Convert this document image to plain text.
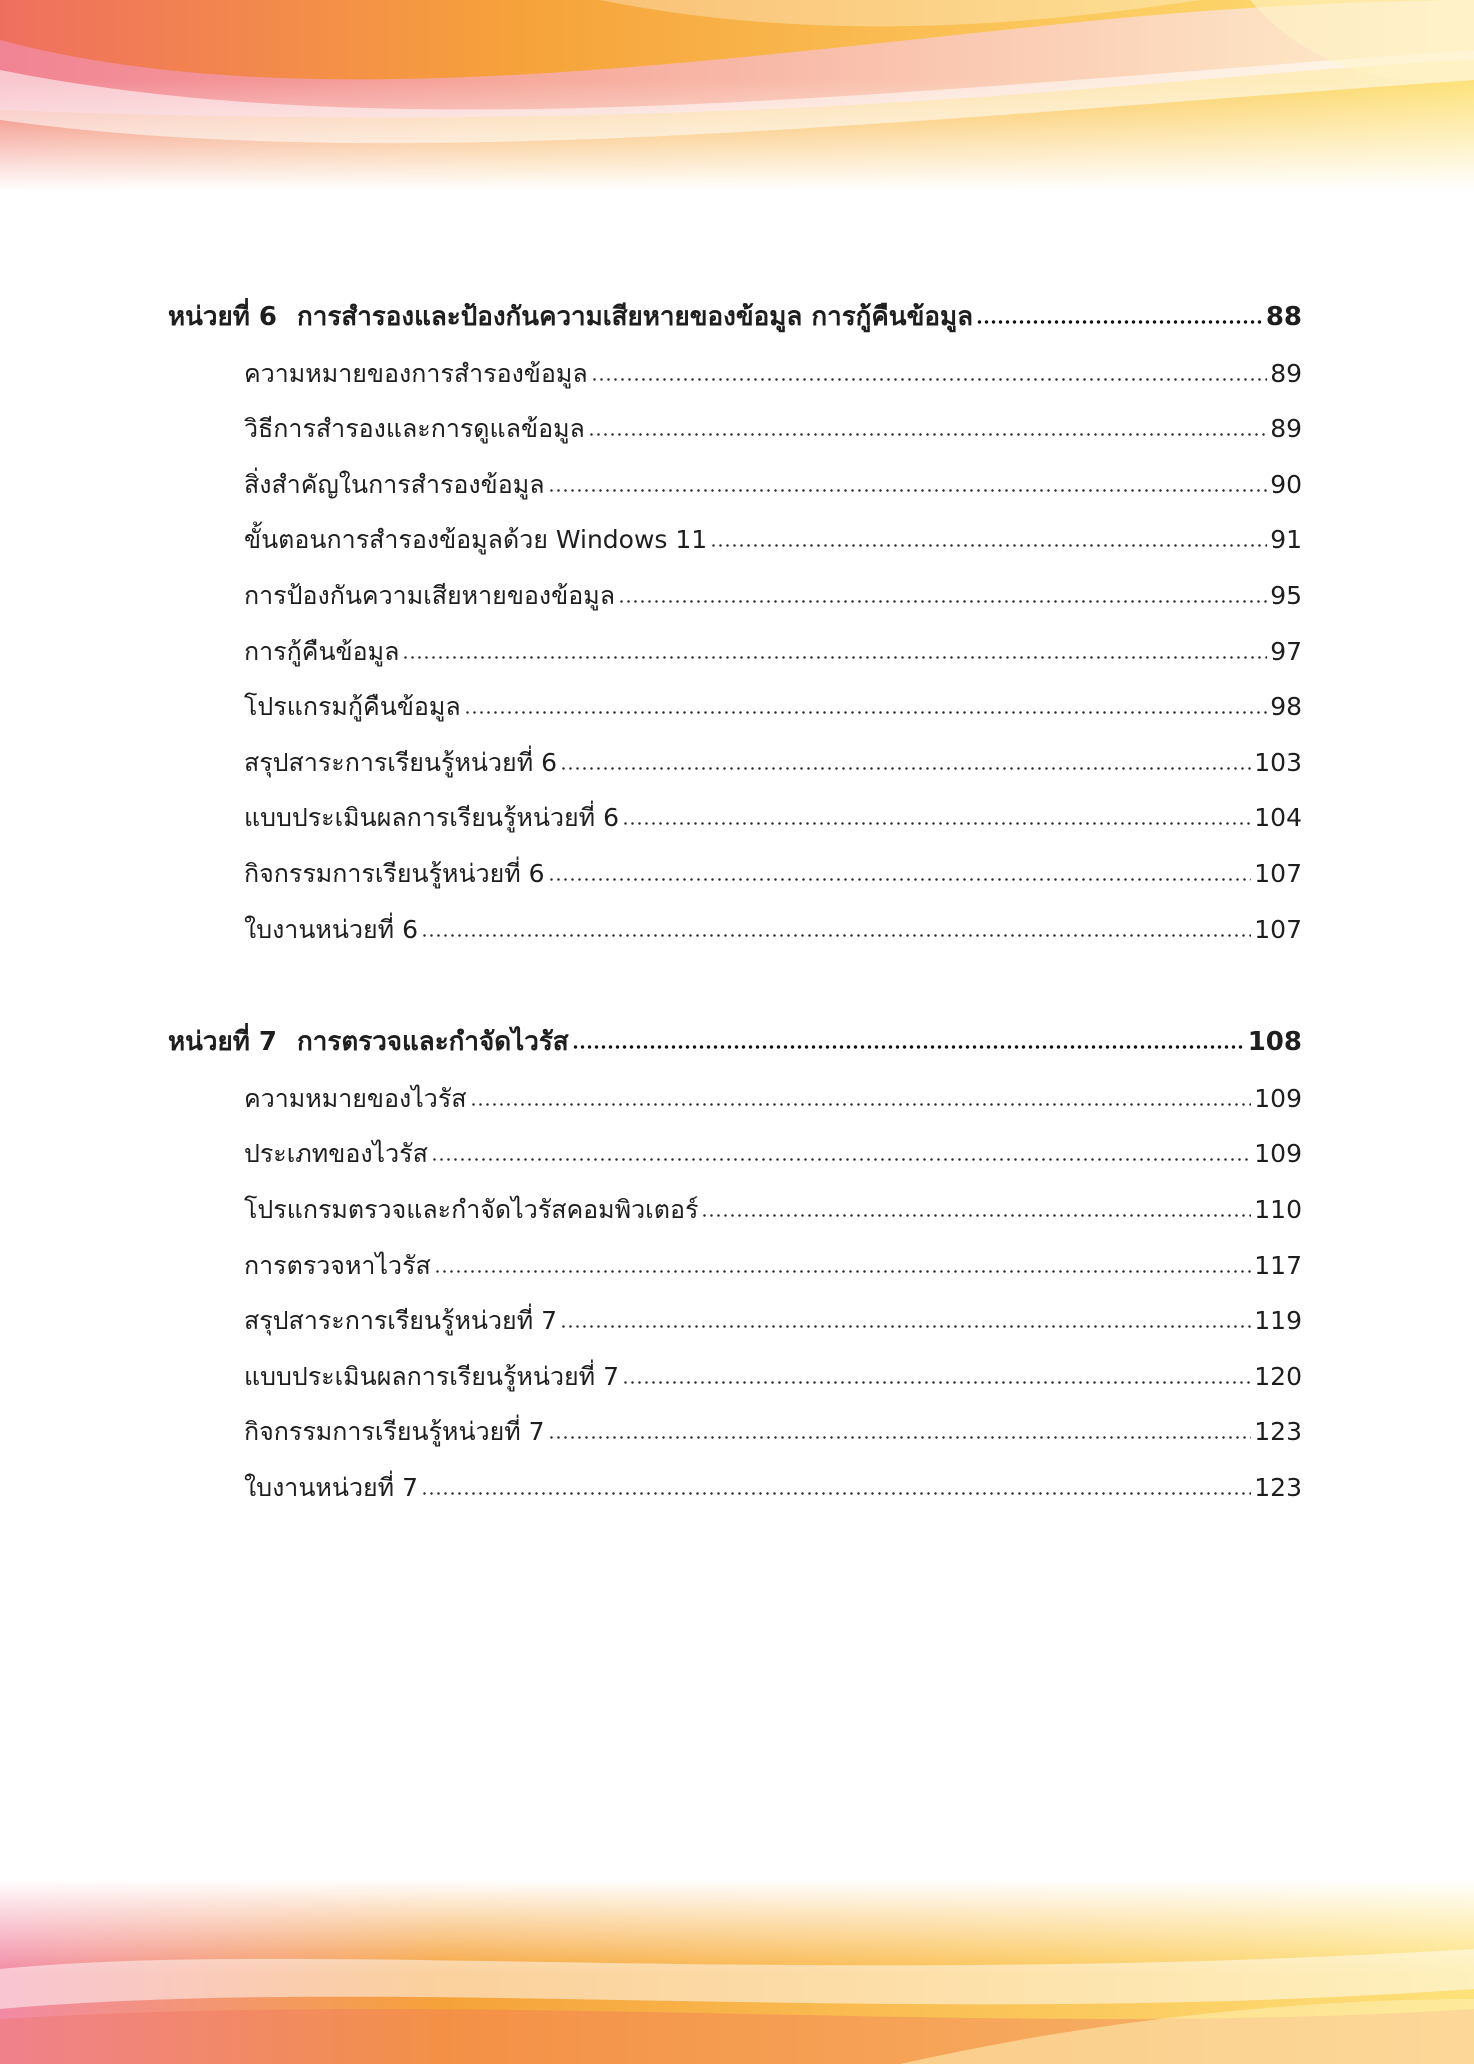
หน่วยที่ 6 การสำรองและป้องกันความเสียหายของข้อมูล การกู้คืนข้อมูล	88
ความหมายของการสำรองข้อมูล	89
วิธีการสำรองและการดูแลข้อมูล	89
สิ่งสำคัญในการสำรองข้อมูล	90
ขั้นตอนการสำรองข้อมูลด้วย Windows 11	91
การป้องกันความเสียหายของข้อมูล	95
การกู้คืนข้อมูล	97
โปรแกรมกู้คืนข้อมูล	98
สรุปสาระการเรียนรู้หน่วยที่ 6	103
แบบประเมินผลการเรียนรู้หน่วยที่ 6	104
กิจกรรมการเรียนรู้หน่วยที่ 6	107
ใบงานหน่วยที่ 6	107
หน่วยที่ 7 การตรวจและกำจัดไวรัส	108
ความหมายของไวรัส	109
ประเภทของไวรัส	109
โปรแกรมตรวจและกำจัดไวรัสคอมพิวเตอร์	110
การตรวจหาไวรัส	117
สรุปสาระการเรียนรู้หน่วยที่ 7	119
แบบประเมินผลการเรียนรู้หน่วยที่ 7	120
กิจกรรมการเรียนรู้หน่วยที่ 7	123
ใบงานหน่วยที่ 7	123
